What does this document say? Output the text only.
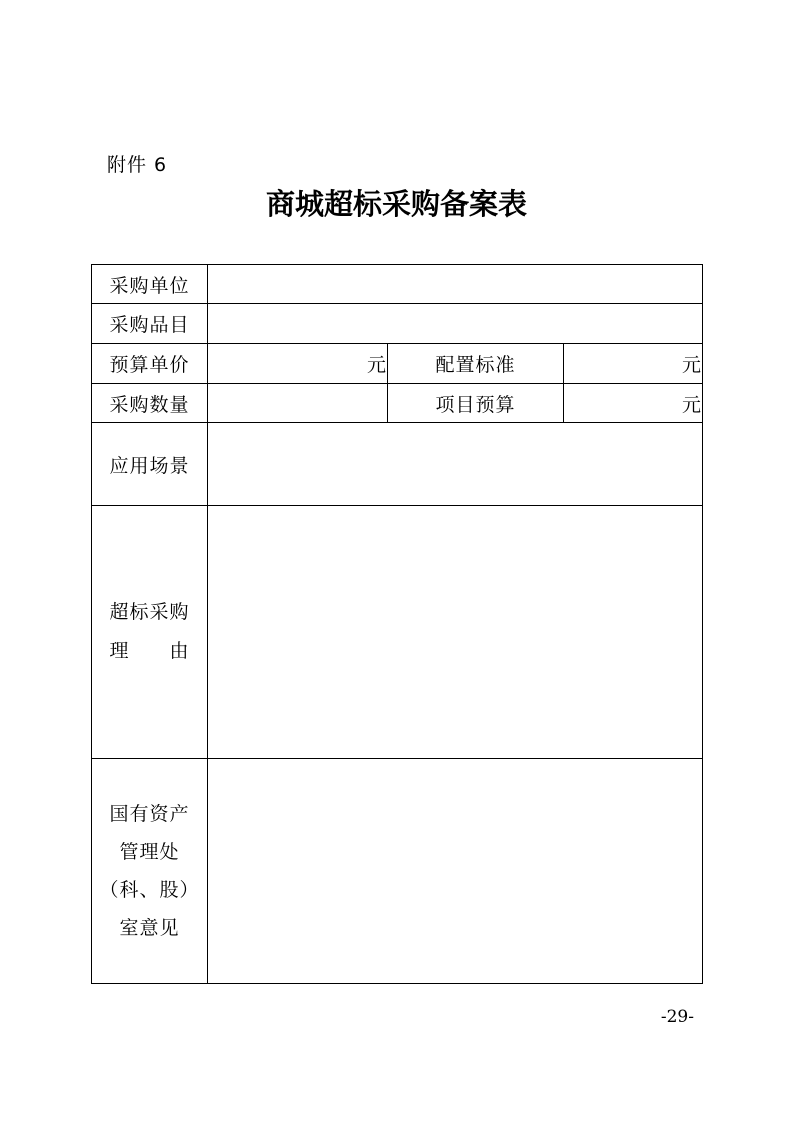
附件 6
商城超标采购备案表
采购单位			
采购品目			
预算单价	元	配置标准	元
采购数量		项目预算	元
应用场景			

超标采购
理 由			

国有资产
管理处
（科、股）
室意见			

-29-
